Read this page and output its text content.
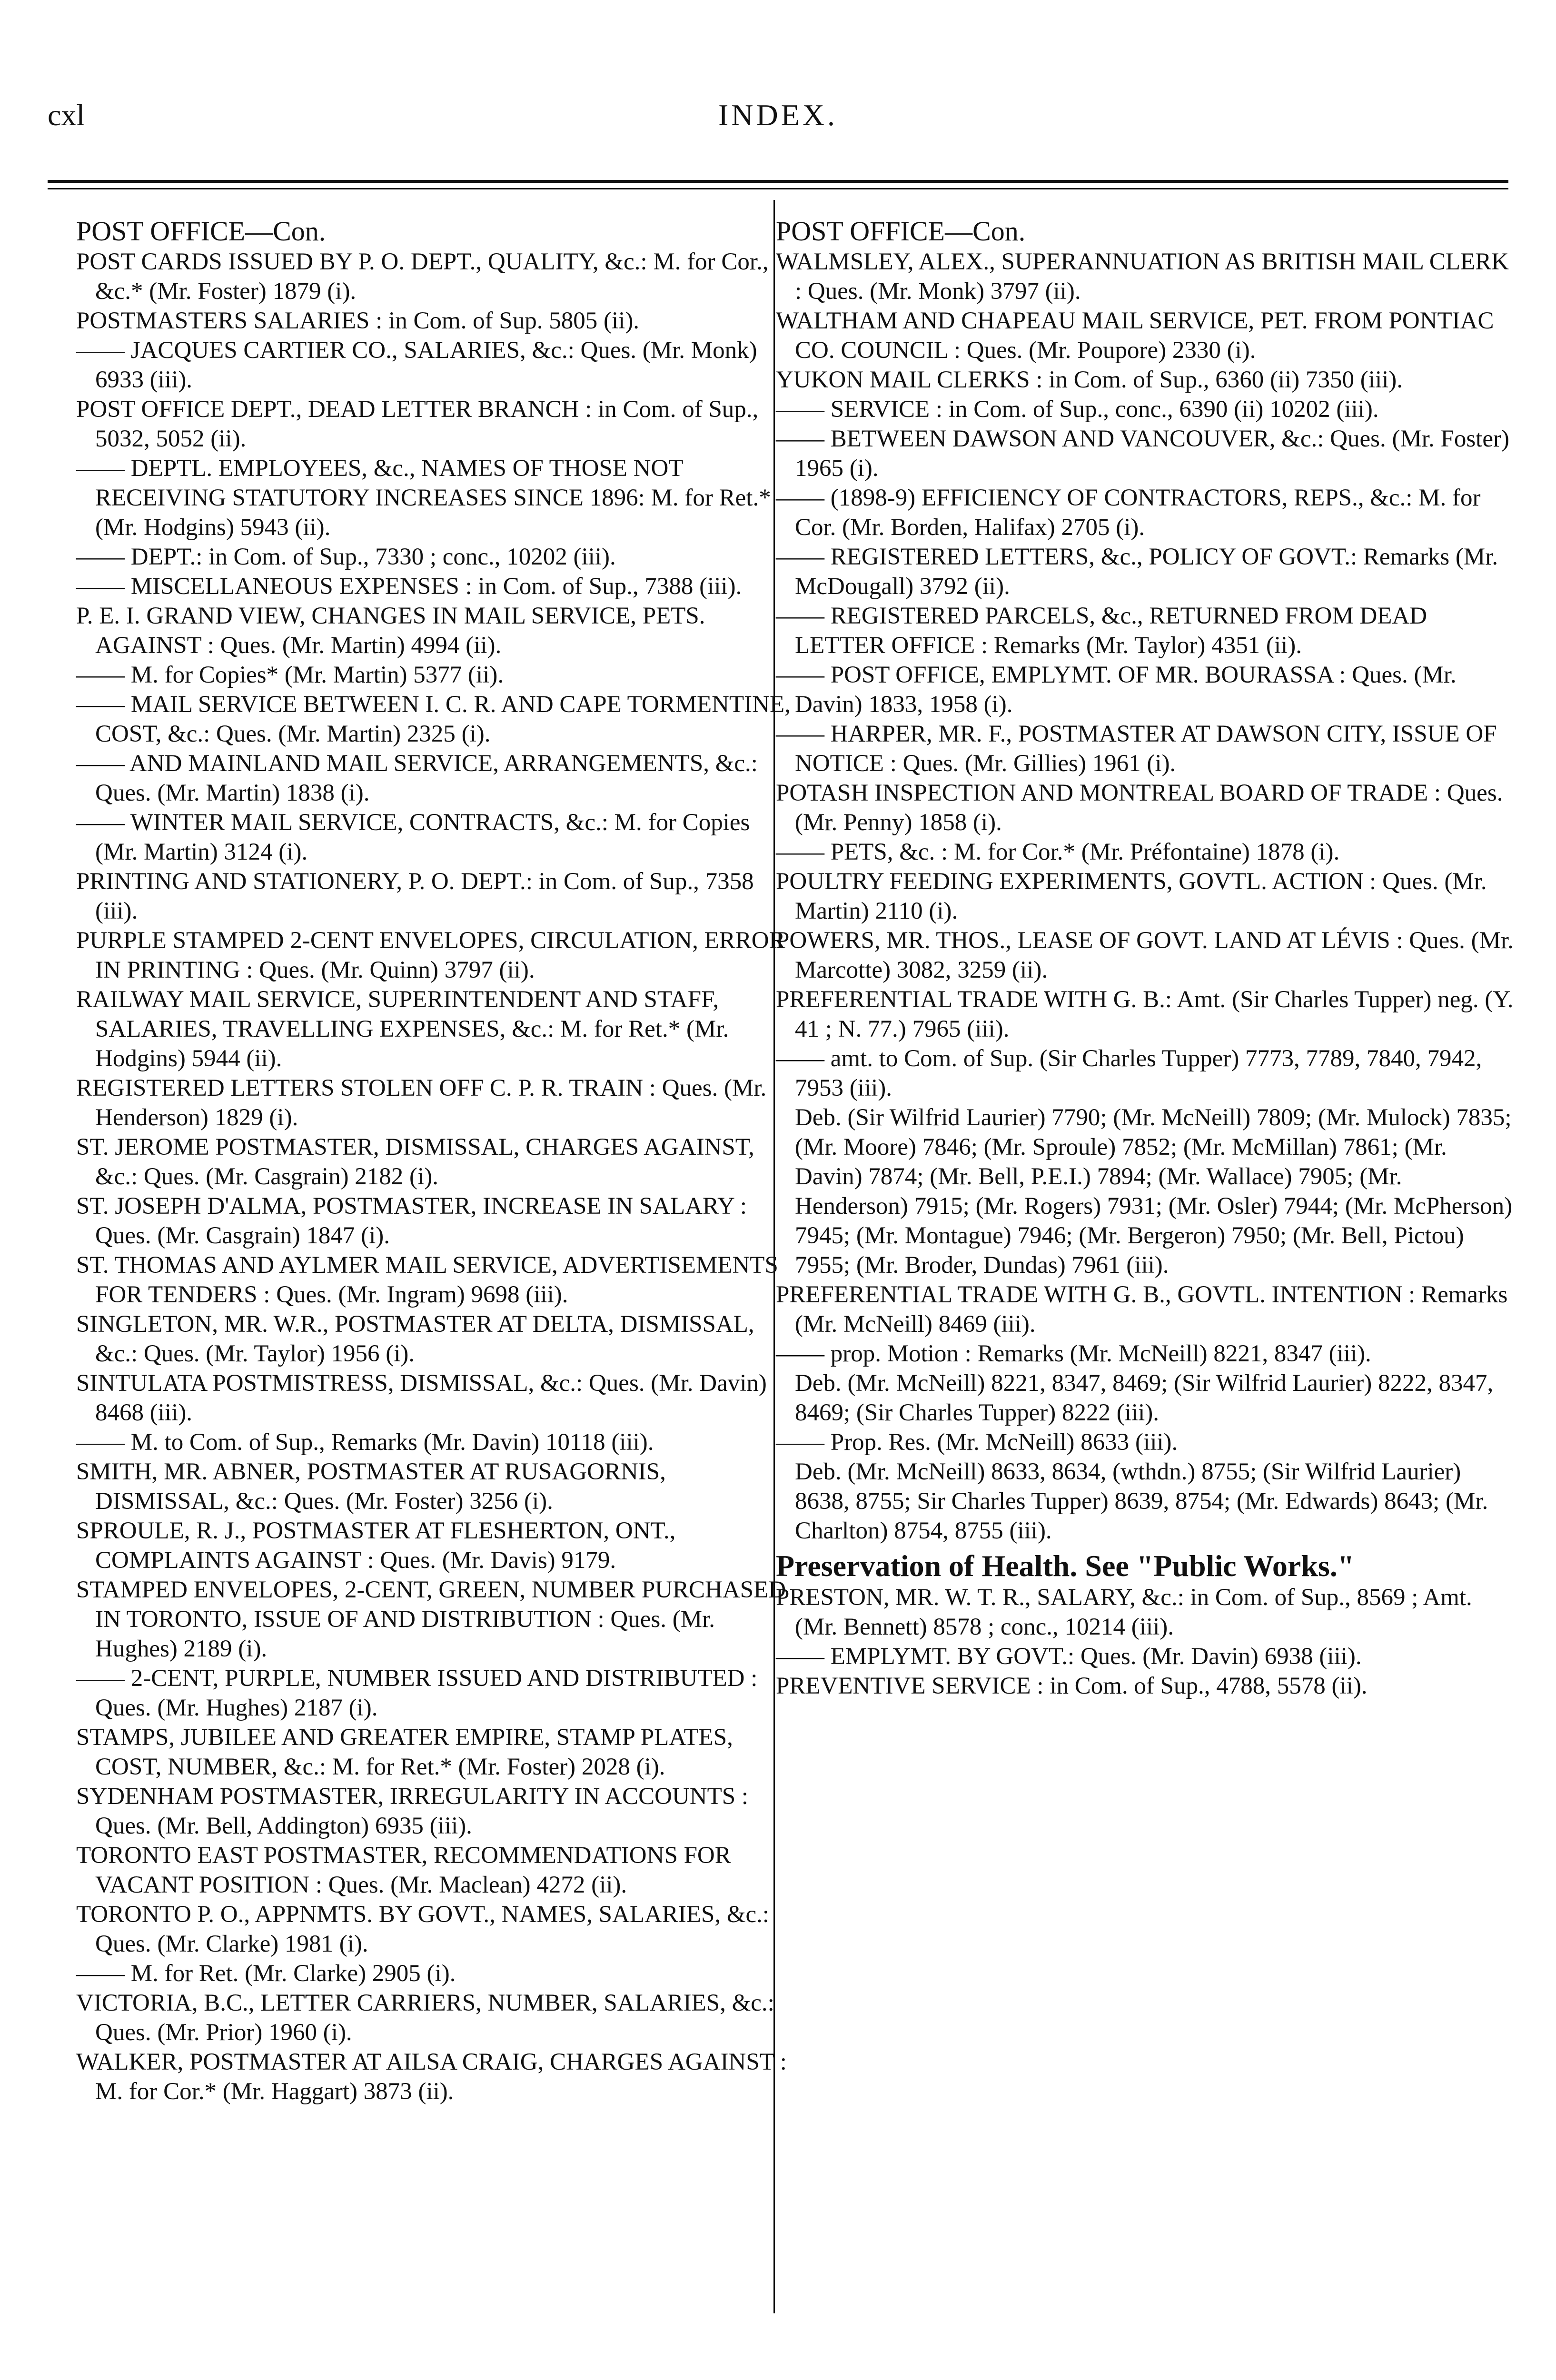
cxl	INDEX.
POST OFFICE—Con.

POST CARDS ISSUED BY P. O. DEPT., QUALITY, &c.: M. for Cor., &c.* (Mr. Foster) 1879 (i).

POSTMASTERS SALARIES : in Com. of Sup. 5805 (ii).

—— JACQUES CARTIER CO., SALARIES, &c.: Ques. (Mr. Monk) 6933 (iii).

POST OFFICE DEPT., DEAD LETTER BRANCH : in Com. of Sup., 5032, 5052 (ii).

—— DEPTL. EMPLOYEES, &c., NAMES OF THOSE NOT RECEIVING STATUTORY INCREASES SINCE 1896: M. for Ret.* (Mr. Hodgins) 5943 (ii).

—— DEPT.: in Com. of Sup., 7330 ; conc., 10202 (iii).

—— MISCELLANEOUS EXPENSES : in Com. of Sup., 7388 (iii).

P. E. I. GRAND VIEW, CHANGES IN MAIL SERVICE, PETS. AGAINST : Ques. (Mr. Martin) 4994 (ii).

—— M. for Copies* (Mr. Martin) 5377 (ii).

—— MAIL SERVICE BETWEEN I. C. R. AND CAPE TORMENTINE, COST, &c.: Ques. (Mr. Martin) 2325 (i).

—— AND MAINLAND MAIL SERVICE, ARRANGEMENTS, &c.: Ques. (Mr. Martin) 1838 (i).

—— WINTER MAIL SERVICE, CONTRACTS, &c.: M. for Copies (Mr. Martin) 3124 (i).

PRINTING AND STATIONERY, P. O. DEPT.: in Com. of Sup., 7358 (iii).

PURPLE STAMPED 2-CENT ENVELOPES, CIRCULATION, ERROR IN PRINTING : Ques. (Mr. Quinn) 3797 (ii).

RAILWAY MAIL SERVICE, SUPERINTENDENT AND STAFF, SALARIES, TRAVELLING EXPENSES, &c.: M. for Ret.* (Mr. Hodgins) 5944 (ii).

REGISTERED LETTERS STOLEN OFF C. P. R. TRAIN : Ques. (Mr. Henderson) 1829 (i).

ST. JEROME POSTMASTER, DISMISSAL, CHARGES AGAINST, &c.: Ques. (Mr. Casgrain) 2182 (i).

ST. JOSEPH D'ALMA, POSTMASTER, INCREASE IN SALARY : Ques. (Mr. Casgrain) 1847 (i).

ST. THOMAS AND AYLMER MAIL SERVICE, ADVERTISEMENTS FOR TENDERS : Ques. (Mr. Ingram) 9698 (iii).

SINGLETON, MR. W.R., POSTMASTER AT DELTA, DISMISSAL, &c.: Ques. (Mr. Taylor) 1956 (i).

SINTULATA POSTMISTRESS, DISMISSAL, &c.: Ques. (Mr. Davin) 8468 (iii).

—— M. to Com. of Sup., Remarks (Mr. Davin) 10118 (iii).

SMITH, MR. ABNER, POSTMASTER AT RUSAGORNIS, DISMISSAL, &c.: Ques. (Mr. Foster) 3256 (i).

SPROULE, R. J., POSTMASTER AT FLESHERTON, ONT., COMPLAINTS AGAINST : Ques. (Mr. Davis) 9179.

STAMPED ENVELOPES, 2-CENT, GREEN, NUMBER PURCHASED IN TORONTO, ISSUE OF AND DISTRIBUTION : Ques. (Mr. Hughes) 2189 (i).

—— 2-CENT, PURPLE, NUMBER ISSUED AND DISTRIBUTED : Ques. (Mr. Hughes) 2187 (i).

STAMPS, JUBILEE AND GREATER EMPIRE, STAMP PLATES, COST, NUMBER, &c.: M. for Ret.* (Mr. Foster) 2028 (i).

SYDENHAM POSTMASTER, IRREGULARITY IN ACCOUNTS : Ques. (Mr. Bell, Addington) 6935 (iii).

TORONTO EAST POSTMASTER, RECOMMENDATIONS FOR VACANT POSITION : Ques. (Mr. Maclean) 4272 (ii).

TORONTO P. O., APPNMTS. BY GOVT., NAMES, SALARIES, &c.: Ques. (Mr. Clarke) 1981 (i).

—— M. for Ret. (Mr. Clarke) 2905 (i).

VICTORIA, B.C., LETTER CARRIERS, NUMBER, SALARIES, &c.: Ques. (Mr. Prior) 1960 (i).

WALKER, POSTMASTER AT AILSA CRAIG, CHARGES AGAINST : M. for Cor.* (Mr. Haggart) 3873 (ii).

POST OFFICE—Con.

WALMSLEY, ALEX., SUPERANNUATION AS BRITISH MAIL CLERK : Ques. (Mr. Monk) 3797 (ii).

WALTHAM AND CHAPEAU MAIL SERVICE, PET. FROM PONTIAC CO. COUNCIL : Ques. (Mr. Poupore) 2330 (i).

YUKON MAIL CLERKS : in Com. of Sup., 6360 (ii) 7350 (iii).

—— SERVICE : in Com. of Sup., conc., 6390 (ii) 10202 (iii).

—— BETWEEN DAWSON AND VANCOUVER, &c.: Ques. (Mr. Foster) 1965 (i).

—— (1898-9) EFFICIENCY OF CONTRACTORS, REPS., &c.: M. for Cor. (Mr. Borden, Halifax) 2705 (i).

—— REGISTERED LETTERS, &c., POLICY OF GOVT.: Remarks (Mr. McDougall) 3792 (ii).

—— REGISTERED PARCELS, &c., RETURNED FROM DEAD LETTER OFFICE : Remarks (Mr. Taylor) 4351 (ii).

—— POST OFFICE, EMPLYMT. OF MR. BOURASSA : Ques. (Mr. Davin) 1833, 1958 (i).

—— HARPER, MR. F., POSTMASTER AT DAWSON CITY, ISSUE OF NOTICE : Ques. (Mr. Gillies) 1961 (i).

POTASH INSPECTION AND MONTREAL BOARD OF TRADE : Ques. (Mr. Penny) 1858 (i).

—— PETS, &c. : M. for Cor.* (Mr. Préfontaine) 1878 (i).

POULTRY FEEDING EXPERIMENTS, GOVTL. ACTION : Ques. (Mr. Martin) 2110 (i).

POWERS, MR. THOS., LEASE OF GOVT. LAND AT LÉVIS : Ques. (Mr. Marcotte) 3082, 3259 (ii).

PREFERENTIAL TRADE WITH G. B.: Amt. (Sir Charles Tupper) neg. (Y. 41 ; N. 77.) 7965 (iii).

—— amt. to Com. of Sup. (Sir Charles Tupper) 7773, 7789, 7840, 7942, 7953 (iii).

Deb. (Sir Wilfrid Laurier) 7790; (Mr. McNeill) 7809; (Mr. Mulock) 7835; (Mr. Moore) 7846; (Mr. Sproule) 7852; (Mr. McMillan) 7861; (Mr. Davin) 7874; (Mr. Bell, P.E.I.) 7894; (Mr. Wallace) 7905; (Mr. Henderson) 7915; (Mr. Rogers) 7931; (Mr. Osler) 7944; (Mr. McPherson) 7945; (Mr. Montague) 7946; (Mr. Bergeron) 7950; (Mr. Bell, Pictou) 7955; (Mr. Broder, Dundas) 7961 (iii).

PREFERENTIAL TRADE WITH G. B., GOVTL. INTENTION : Remarks (Mr. McNeill) 8469 (iii).

—— prop. Motion : Remarks (Mr. McNeill) 8221, 8347 (iii).

Deb. (Mr. McNeill) 8221, 8347, 8469; (Sir Wilfrid Laurier) 8222, 8347, 8469; (Sir Charles Tupper) 8222 (iii).

—— Prop. Res. (Mr. McNeill) 8633 (iii).

Deb. (Mr. McNeill) 8633, 8634, (wthdn.) 8755; (Sir Wilfrid Laurier) 8638, 8755; Sir Charles Tupper) 8639, 8754; (Mr. Edwards) 8643; (Mr. Charlton) 8754, 8755 (iii).

Preservation of Health. See "Public Works."

PRESTON, MR. W. T. R., SALARY, &c.: in Com. of Sup., 8569 ; Amt. (Mr. Bennett) 8578 ; conc., 10214 (iii).

—— EMPLYMT. BY GOVT.: Ques. (Mr. Davin) 6938 (iii).

PREVENTIVE SERVICE : in Com. of Sup., 4788, 5578 (ii).
